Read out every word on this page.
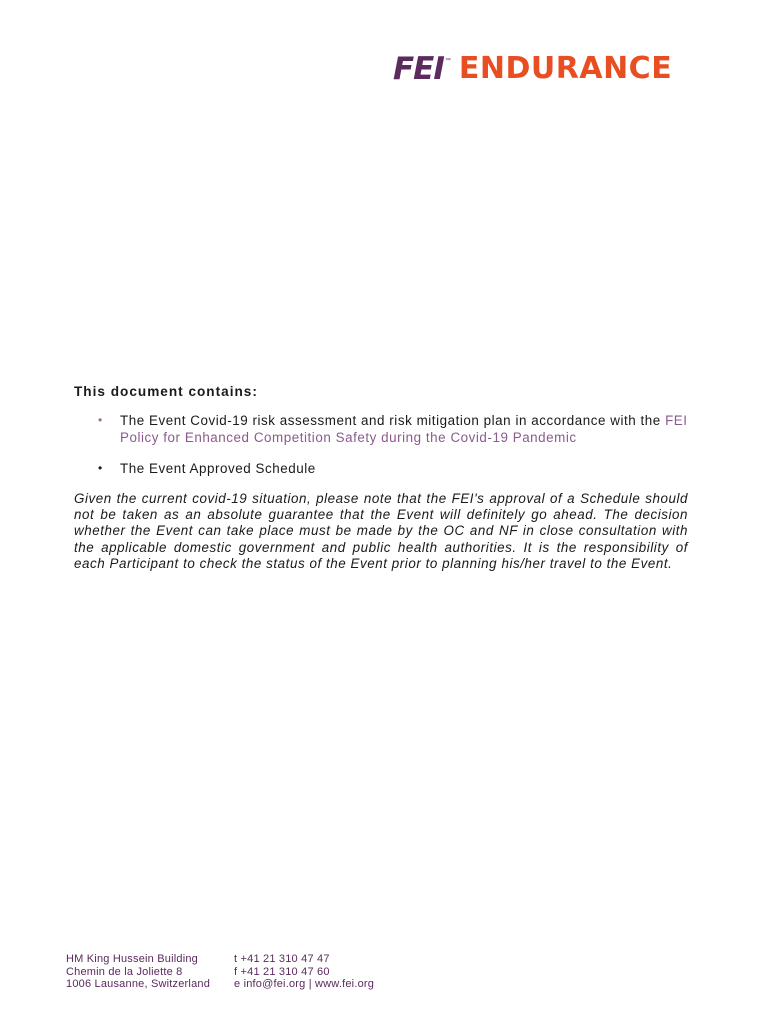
FEI ™ ENDURANCE
This document contains:
• The Event Covid-19 risk assessment and risk mitigation plan in accordance with the FEI Policy for Enhanced Competition Safety during the Covid-19 Pandemic
• The Event Approved Schedule
Given the current covid-19 situation, please note that the FEI's approval of a Schedule should not be taken as an absolute guarantee that the Event will definitely go ahead. The decision whether the Event can take place must be made by the OC and NF in close consultation with the applicable domestic government and public health authorities. It is the responsibility of each Participant to check the status of the Event prior to planning his/her travel to the Event.
HM King Hussein Building
Chemin de la Joliette 8
1006 Lausanne, Switzerland
t +41 21 310 47 47
f +41 21 310 47 60
e info@fei.org | www.fei.org
